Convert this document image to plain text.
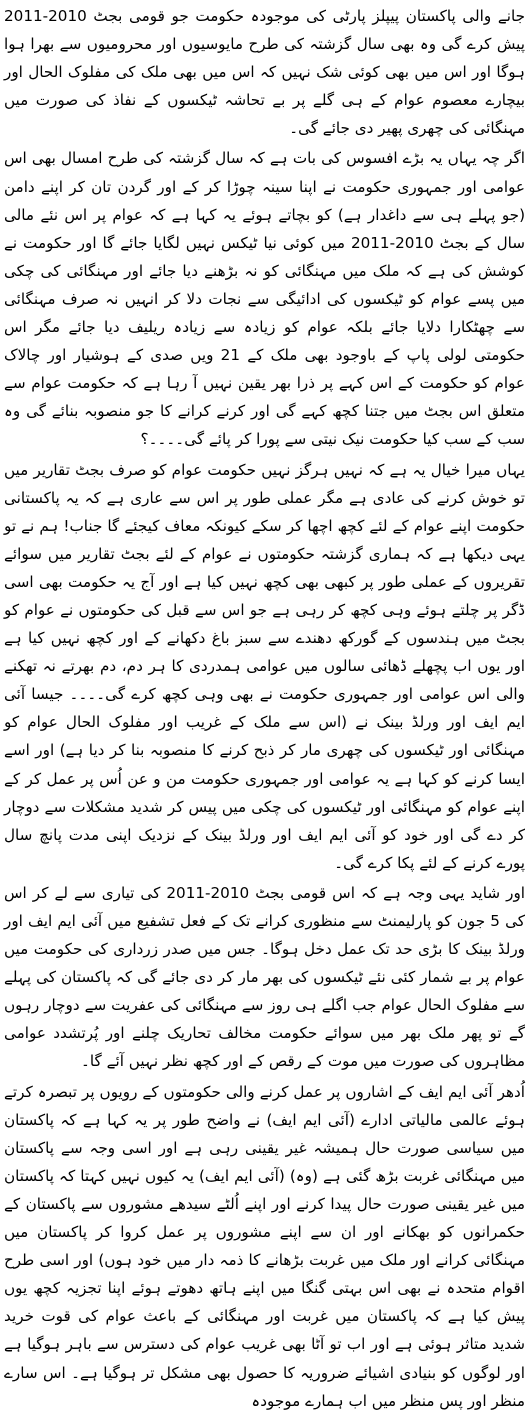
جانے والی پاکستان پیپلز پارٹی کی موجودہ حکومت جو قومی بجٹ 2010-2011 پیش کرے گی وہ بھی سال گزشتہ کی طرح مایوسیوں اور محرومیوں سے بھرا ہوا ہوگا اور اس میں بھی کوئی شک نہیں کہ اس میں بھی ملک کی مفلوک الحال اور بیچارے معصوم عوام کے ہی گلے پر بے تحاشہ ٹیکسوں کے نفاذ کی صورت میں مہنگائی کی چھری پھیر دی جائے گی۔

اگر چہ یہاں یہ بڑے افسوس کی بات ہے کہ سال گزشتہ کی طرح امسال بھی اس عوامی اور جمہوری حکومت نے اپنا سینہ چوڑا کر کے اور گردن تان کر اپنے دامن (جو پہلے ہی سے داغدار ہے) کو بچاتے ہوئے یہ کہا ہے کہ عوام پر اس نئے مالی سال کے بجٹ 2010-2011 میں کوئی نیا ٹیکس نہیں لگایا جائے گا اور حکومت نے کوشش کی ہے کہ ملک میں مہنگائی کو نہ بڑھنے دیا جائے اور مہنگائی کی چکی میں پسے عوام کو ٹیکسوں کی ادائیگی سے نجات دلا کر انہیں نہ صرف مہنگائی سے چھٹکارا دلایا جائے بلکہ عوام کو زیادہ سے زیادہ ریلیف دیا جائے مگر اس حکومتی لولی پاپ کے باوجود بھی ملک کے 21 ویں صدی کے ہوشیار اور چالاک عوام کو حکومت کے اس کہے پر ذرا بھر یقین نہیں آ رہا ہے کہ حکومت عوام سے متعلق اس بجٹ میں جتنا کچھ کہے گی اور کرنے کرانے کا جو منصوبہ بنائے گی وہ سب کے سب کیا حکومت نیک نیتی سے پورا کر پائے گی۔۔۔۔؟

یہاں میرا خیال یہ ہے کہ نہیں ہرگز نہیں حکومت عوام کو صرف بجٹ تقاریر میں تو خوش کرنے کی عادی ہے مگر عملی طور پر اس سے عاری ہے کہ یہ پاکستانی حکومت اپنے عوام کے لئے کچھ اچھا کر سکے کیونکہ معاف کیجئے گا جناب! ہم نے تو یہی دیکھا ہے کہ ہماری گزشتہ حکومتوں نے عوام کے لئے بجٹ تقاریر میں سوائے تقریروں کے عملی طور پر کبھی بھی کچھ نہیں کیا ہے اور آج یہ حکومت بھی اسی ڈگر پر چلتے ہوئے وہی کچھ کر رہی ہے جو اس سے قبل کی حکومتوں نے عوام کو بجٹ میں ہندسوں کے گورکھ دھندے سے سبز باغ دکھانے کے اور کچھ نہیں کیا ہے اور یوں اب پچھلے ڈھائی سالوں میں عوامی ہمدردی کا ہر دم، دم بھرتے نہ تھکنے والی اس عوامی اور جمہوری حکومت نے بھی وہی کچھ کرے گی۔۔۔۔ جیسا آئی ایم ایف اور ورلڈ بینک نے (اس سے ملک کے غریب اور مفلوک الحال عوام کو مہنگائی اور ٹیکسوں کی چھری مار کر ذبح کرنے کا منصوبہ بنا کر دیا ہے) اور اسے ایسا کرنے کو کہا ہے یہ عوامی اور جمہوری حکومت من و عن اُس پر عمل کر کے اپنے عوام کو مہنگائی اور ٹیکسوں کی چکی میں پیس کر شدید مشکلات سے دوچار کر دے گی اور خود کو آئی ایم ایف اور ورلڈ بینک کے نزدیک اپنی مدت پانچ سال پورے کرنے کے لئے پکا کرے گی۔

اور شاید یہی وجہ ہے کہ اس قومی بجٹ 2010-2011 کی تیاری سے لے کر اس کی 5 جون کو پارلیمنٹ سے منظوری کرانے تک کے فعل تشفیع میں آئی ایم ایف اور ورلڈ بینک کا بڑی حد تک عمل دخل ہوگا۔ جس میں صدر زرداری کی حکومت میں عوام پر بے شمار کئی نئے ٹیکسوں کی بھر مار کر دی جائے گی کہ پاکستان کی پہلے سے مفلوک الحال عوام جب اگلے ہی روز سے مہنگائی کی عفریت سے دوچار رہوں گے تو پھر ملک بھر میں سوائے حکومت مخالف تحاریک چلنے اور پُرتشدد عوامی مظاہروں کی صورت میں موت کے رقص کے اور کچھ نظر نہیں آئے گا۔

اُدھر آئی ایم ایف کے اشاروں پر عمل کرنے والی حکومتوں کے رویوں پر تبصرہ کرتے ہوئے عالمی مالیاتی ادارے (آئی ایم ایف) نے واضح طور پر یہ کہا ہے کہ پاکستان میں سیاسی صورت حال ہمیشہ غیر یقینی رہی ہے اور اسی وجہ سے پاکستان میں مہنگائی غربت بڑھ گئی ہے (وہ) (آئی ایم ایف) یہ کیوں نہیں کہتا کہ پاکستان میں غیر یقینی صورت حال پیدا کرنے اور اپنے اُلٹے سیدھے مشوروں سے پاکستان کے حکمرانوں کو بھکانے اور ان سے اپنے مشوروں پر عمل کروا کر پاکستان میں مہنگائی کرانے اور ملک میں غربت بڑھانے کا ذمہ دار میں خود ہوں) اور اسی طرح اقوام متحدہ نے بھی اس بہتی گنگا میں اپنے ہاتھ دھوتے ہوئے اپنا تجزیہ کچھ یوں پیش کیا ہے کہ پاکستان میں غربت اور مہنگائی کے باعث عوام کی قوت خرید شدید متاثر ہوئی ہے اور اب تو آٹا بھی غریب عوام کی دسترس سے باہر ہوگیا ہے اور لوگوں کو بنیادی اشیائے ضروریہ کا حصول بھی مشکل تر ہوگیا ہے۔ اس سارے منظر اور پس منظر میں اب ہمارے موجودہ
